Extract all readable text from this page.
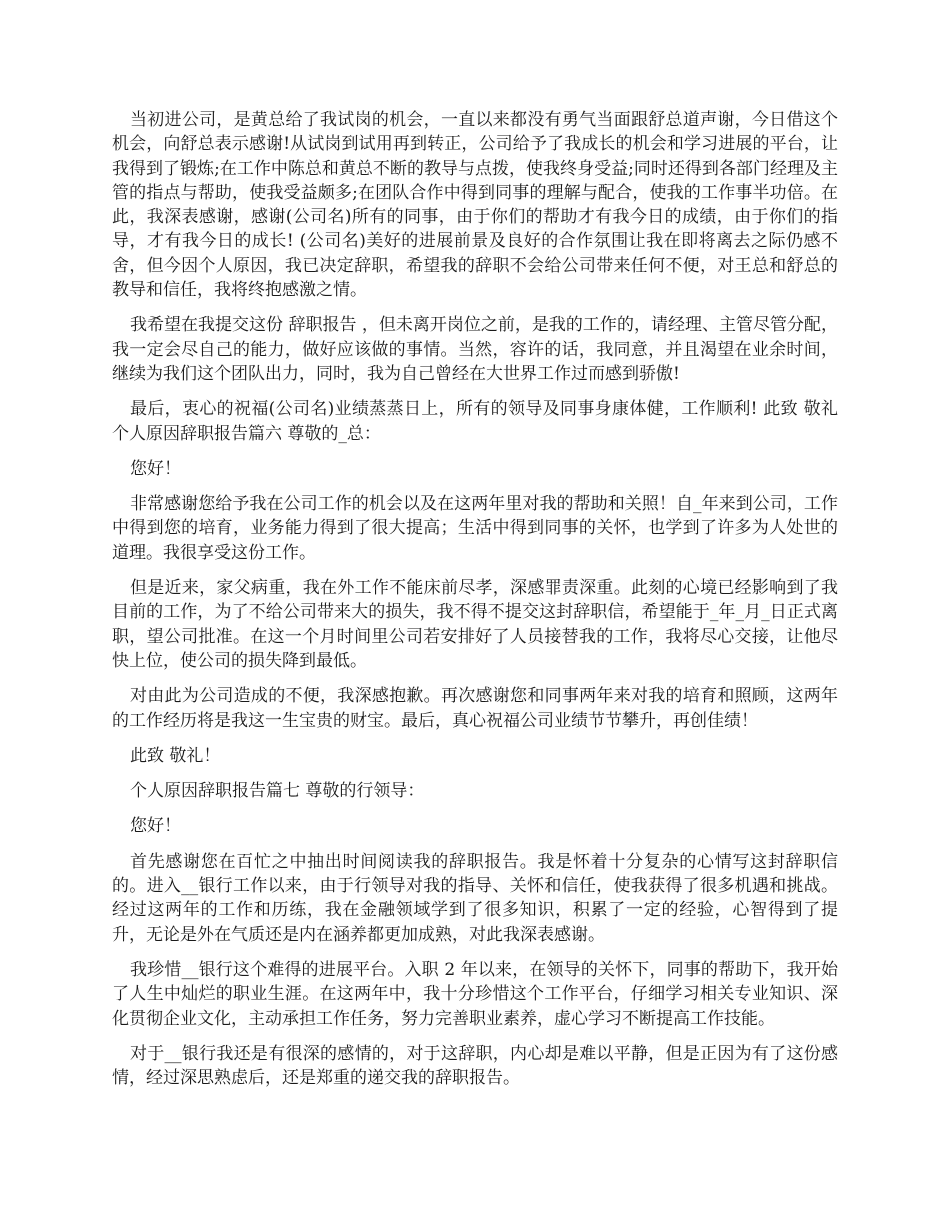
当初进公司，是黄总给了我试岗的机会，一直以来都没有勇气当面跟舒总道声谢，今日借这个机会，向舒总表示感谢!从试岗到试用再到转正，公司给予了我成长的机会和学习进展的平台，让我得到了锻炼;在工作中陈总和黄总不断的教导与点拨，使我终身受益;同时还得到各部门经理及主管的指点与帮助，使我受益颇多;在团队合作中得到同事的理解与配合，使我的工作事半功倍。在此，我深表感谢，感谢(公司名)所有的同事，由于你们的帮助才有我今日的成绩，由于你们的指导，才有我今日的成长! (公司名)美好的进展前景及良好的合作氛围让我在即将离去之际仍感不舍，但今因个人原因，我已决定辞职，希望我的辞职不会给公司带来任何不便，对王总和舒总的教导和信任，我将终抱感激之情。

我希望在我提交这份 辞职报告 ，但未离开岗位之前，是我的工作的，请经理、主管尽管分配，我一定会尽自己的能力，做好应该做的事情。当然，容许的话，我同意，并且渴望在业余时间，继续为我们这个团队出力，同时，我为自己曾经在大世界工作过而感到骄傲!

最后，衷心的祝福(公司名)业绩蒸蒸日上，所有的领导及同事身康体健，工作顺利! 此致 敬礼 个人原因辞职报告篇六 尊敬的_总：

您好！

非常感谢您给予我在公司工作的机会以及在这两年里对我的帮助和关照！自_年来到公司，工作中得到您的培育，业务能力得到了很大提高；生活中得到同事的关怀，也学到了许多为人处世的道理。我很享受这份工作。

但是近来，家父病重，我在外工作不能床前尽孝，深感罪责深重。此刻的心境已经影响到了我目前的工作，为了不给公司带来大的损失，我不得不提交这封辞职信，希望能于_年_月_日正式离职，望公司批准。在这一个月时间里公司若安排好了人员接替我的工作，我将尽心交接，让他尽快上位，使公司的损失降到最低。

对由此为公司造成的不便，我深感抱歉。再次感谢您和同事两年来对我的培育和照顾，这两年的工作经历将是我这一生宝贵的财宝。最后，真心祝福公司业绩节节攀升，再创佳绩！

此致 敬礼！

个人原因辞职报告篇七 尊敬的行领导：

您好！

首先感谢您在百忙之中抽出时间阅读我的辞职报告。我是怀着十分复杂的心情写这封辞职信的。进入__银行工作以来，由于行领导对我的指导、关怀和信任，使我获得了很多机遇和挑战。经过这两年的工作和历练，我在金融领域学到了很多知识，积累了一定的经验，心智得到了提升，无论是外在气质还是内在涵养都更加成熟，对此我深表感谢。

我珍惜__银行这个难得的进展平台。入职 2 年以来，在领导的关怀下，同事的帮助下，我开始了人生中灿烂的职业生涯。在这两年中，我十分珍惜这个工作平台，仔细学习相关专业知识、深化贯彻企业文化，主动承担工作任务，努力完善职业素养，虚心学习不断提高工作技能。

对于__银行我还是有很深的感情的，对于这辞职，内心却是难以平静，但是正因为有了这份感情，经过深思熟虑后，还是郑重的递交我的辞职报告。
